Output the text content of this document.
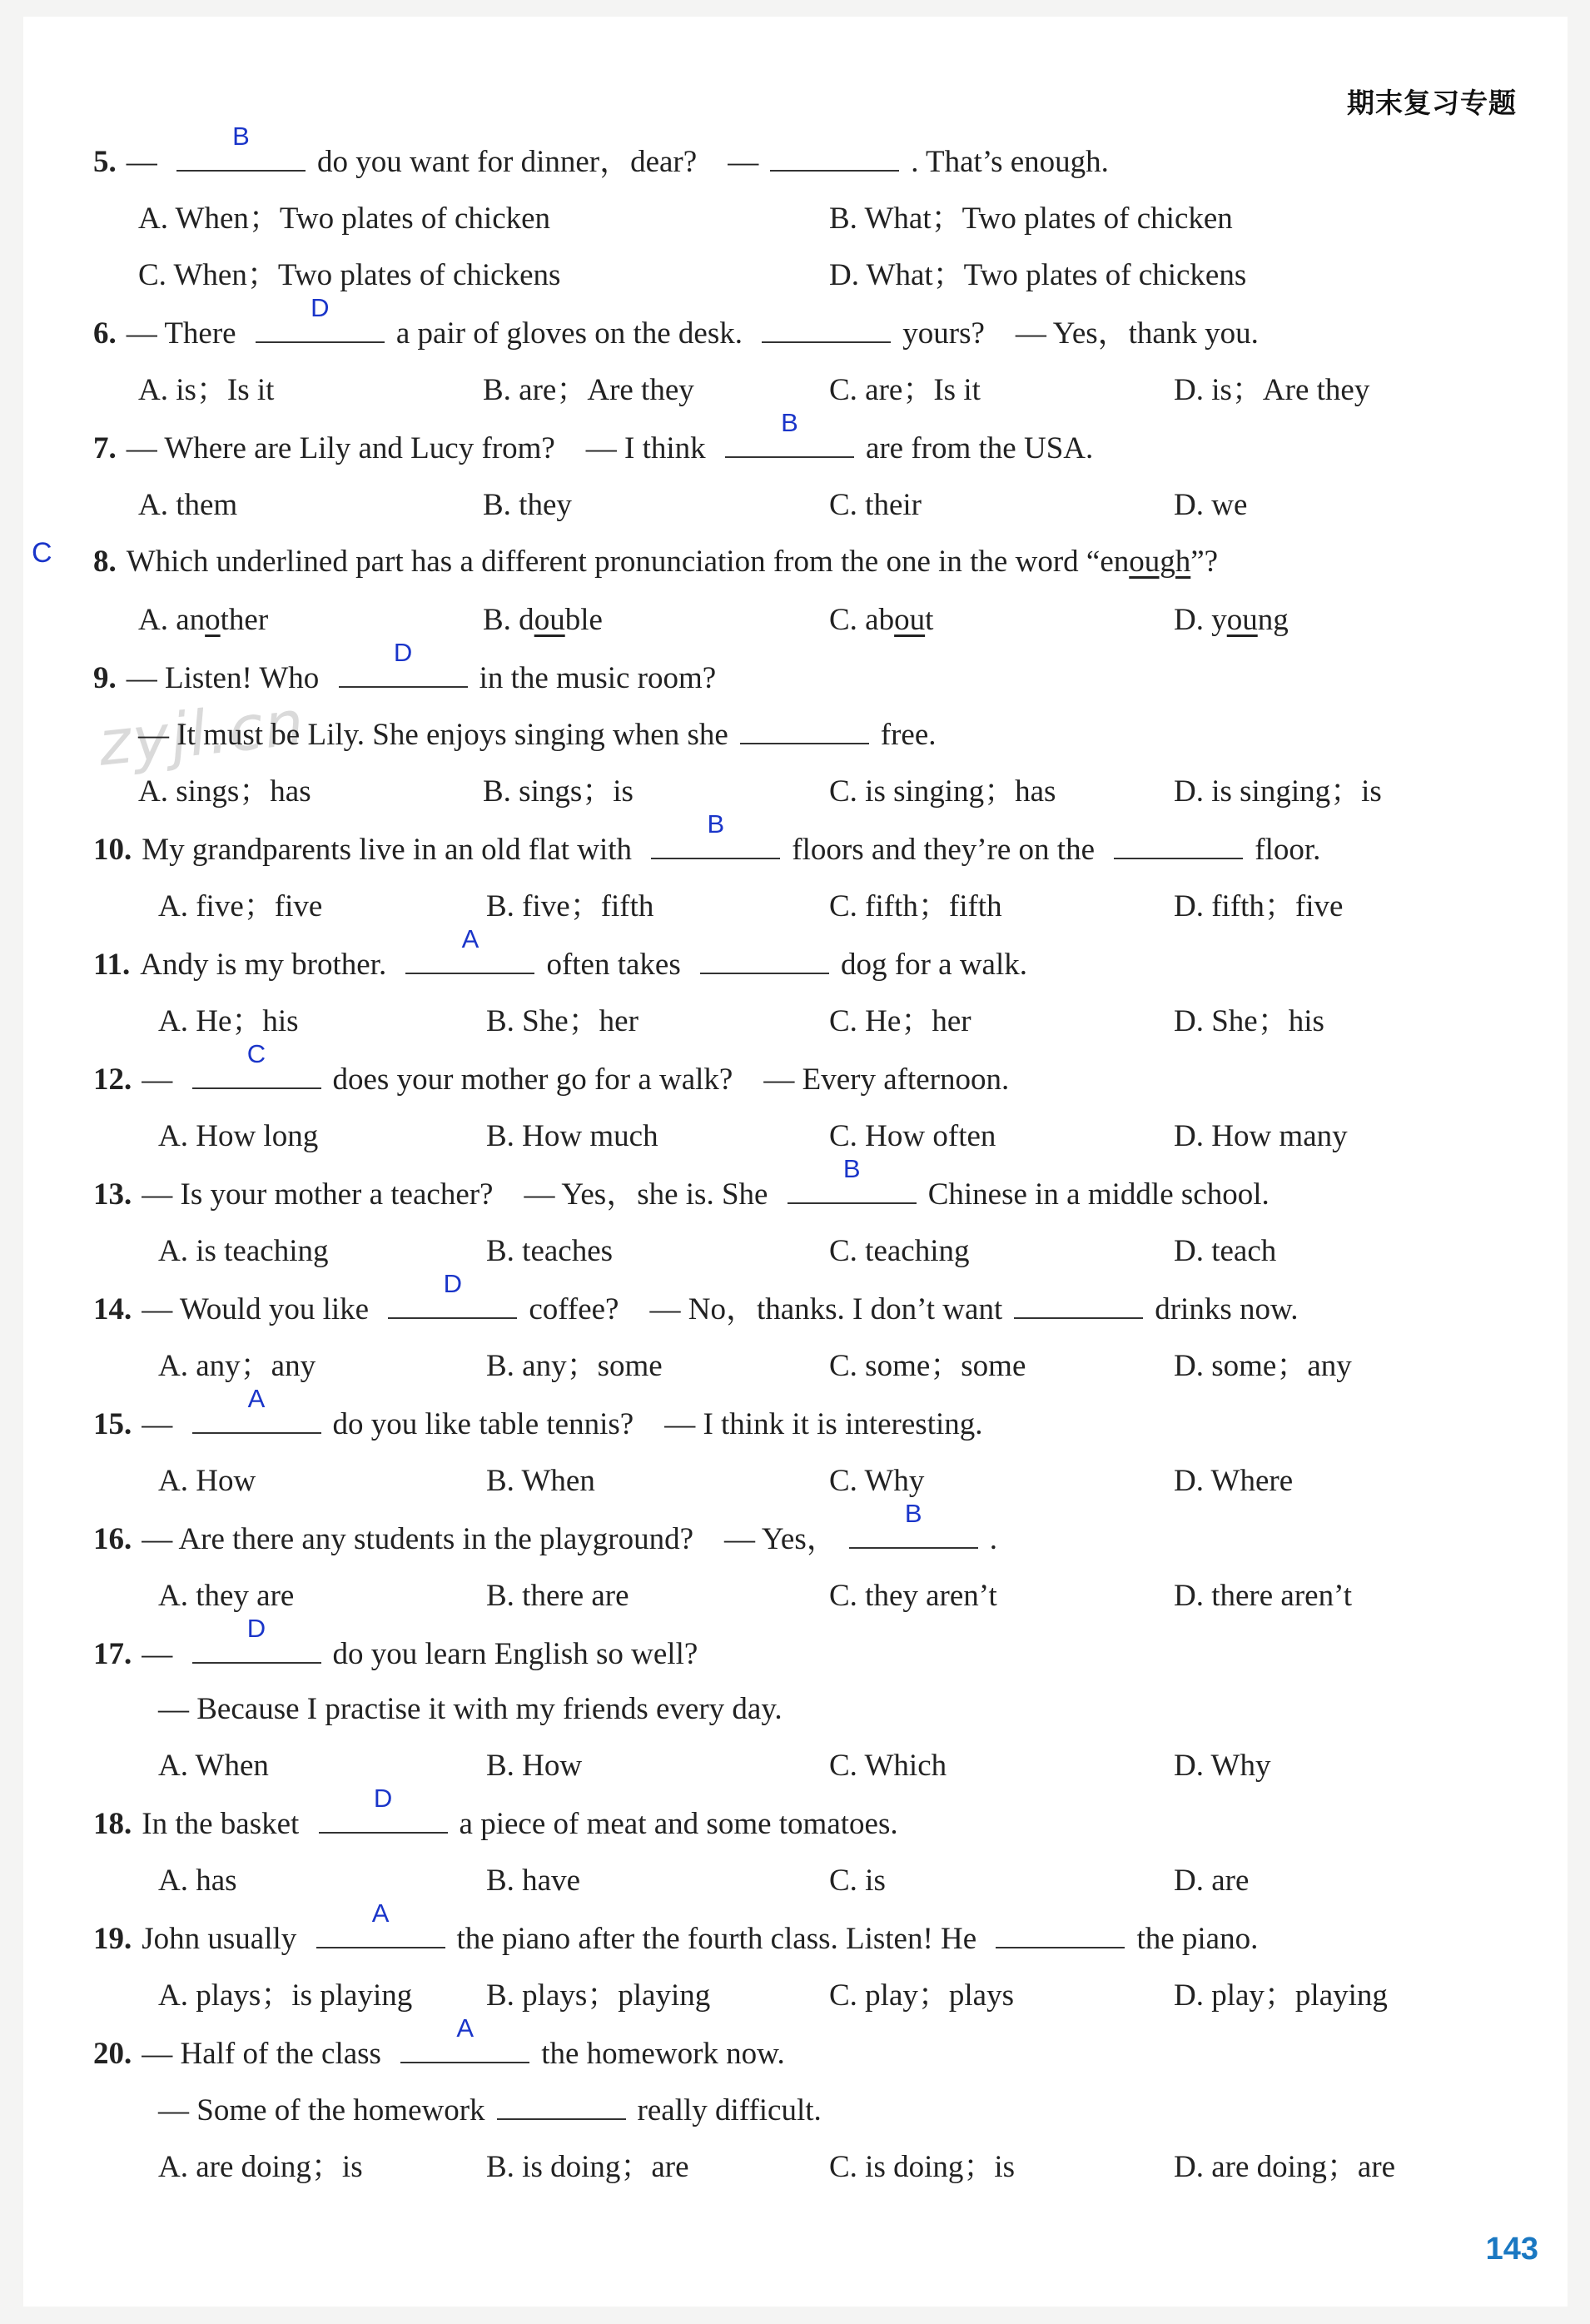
期末复习专题
zyjl.cn
C
5. —
B
do you want for dinner，dear? —	. That’s enough.
A. When；Two plates of chicken	B. What；Two plates of chicken
C. When；Two plates of chickens	D. What；Two plates of chickens
6. — There
D
a pair of gloves on the desk.	yours? — Yes，thank you.
A. is；Is it	B. are；Are they	C. are；Is it	D. is；Are they
7. — Where are Lily and Lucy from? — I think
B
are from the USA.
A. them	B. they	C. their	D. we
8. Which underlined part has a different pronunciation from the one in the word “enough”?
A. another	B. double	C. about	D. young
9. — Listen! Who
D
in the music room?
— It must be Lily. She enjoys singing when she	free.
A. sings；has	B. sings；is	C. is singing；has	D. is singing；is
10. My grandparents live in an old flat with
B
floors and they’re on the	floor.
A. five；five	B. five；fifth	C. fifth；fifth	D. fifth；five
11. Andy is my brother.
A
often takes	dog for a walk.
A. He；his	B. She；her	C. He；her	D. She；his
12. —
C
does your mother go for a walk? — Every afternoon.
A. How long	B. How much	C. How often	D. How many
13. — Is your mother a teacher? — Yes，she is. She
B
Chinese in a middle school.
A. is teaching	B. teaches	C. teaching	D. teach
14. — Would you like
D
coffee? — No，thanks. I don’t want	drinks now.
A. any；any	B. any；some	C. some；some	D. some；any
15. —
A
do you like table tennis? — I think it is interesting.
A. How	B. When	C. Why	D. Where
16. — Are there any students in the playground? — Yes，
B
.
A. they are	B. there are	C. they aren’t	D. there aren’t
17. —
D
do you learn English so well?
— Because I practise it with my friends every day.
A. When	B. How	C. Which	D. Why
18. In the basket
D
a piece of meat and some tomatoes.
A. has	B. have	C. is	D. are
19. John usually
A
the piano after the fourth class. Listen! He	the piano.
A. plays；is playing B. plays；playing	C. play；plays	D. play；playing
20. — Half of the class
A
the homework now.
— Some of the homework	really difficult.
A. are doing；is	B. is doing；are	C. is doing；is	D. are doing；are
143
